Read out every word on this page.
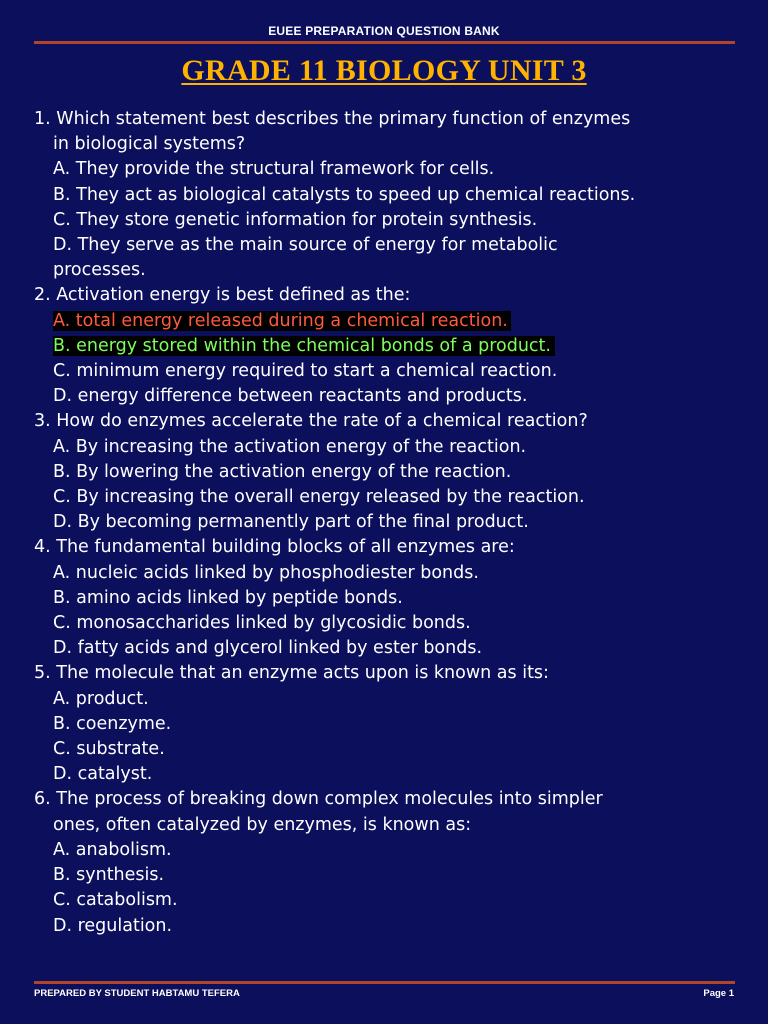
EUEE PREPARATION QUESTION BANK
GRADE 11 BIOLOGY UNIT 3
1. Which statement best describes the primary function of enzymes
in biological systems?
A. They provide the structural framework for cells.
B. They act as biological catalysts to speed up chemical reactions.
C. They store genetic information for protein synthesis.
D. They serve as the main source of energy for metabolic
processes.
2. Activation energy is best defined as the:
A. total energy released during a chemical reaction.
B. energy stored within the chemical bonds of a product.
C. minimum energy required to start a chemical reaction.
D. energy difference between reactants and products.
3. How do enzymes accelerate the rate of a chemical reaction?
A. By increasing the activation energy of the reaction.
B. By lowering the activation energy of the reaction.
C. By increasing the overall energy released by the reaction.
D. By becoming permanently part of the final product.
4. The fundamental building blocks of all enzymes are:
A. nucleic acids linked by phosphodiester bonds.
B. amino acids linked by peptide bonds.
C. monosaccharides linked by glycosidic bonds.
D. fatty acids and glycerol linked by ester bonds.
5. The molecule that an enzyme acts upon is known as its:
A. product.
B. coenzyme.
C. substrate.
D. catalyst.
6. The process of breaking down complex molecules into simpler
ones, often catalyzed by enzymes, is known as:
A. anabolism.
B. synthesis.
C. catabolism.
D. regulation.
PREPARED BY STUDENT HABTAMU TEFERA	Page 1
